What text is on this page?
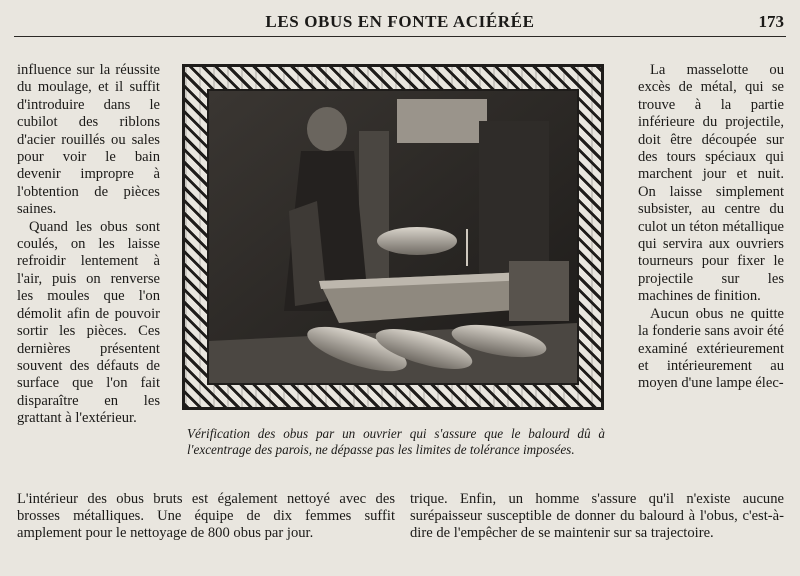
LES OBUS EN FONTE ACIÉRÉE	173

influence sur la réussite du moulage, et il suffit d'introduire dans le cubilot des riblons d'acier rouillés ou sales pour voir le bain devenir impropre à l'obtention de pièces saines.

Quand les obus sont coulés, on les laisse refroidir lentement à l'air, puis on renverse les moules que l'on démolit afin de pouvoir sortir les pièces. Ces dernières présentent souvent des défauts de surface que l'on fait disparaître en les grattant à l'extérieur.

Vérification des obus par un ouvrier qui s'assure que le balourd dû à l'excentrage des parois, ne dépasse pas les limites de tolérance imposées.

La masselotte ou excès de métal, qui se trouve à la partie inférieure du projectile, doit être découpée sur des tours spéciaux qui marchent jour et nuit. On laisse simplement subsister, au centre du culot un téton métallique qui servira aux ouvriers tourneurs pour fixer le projectile sur les machines de finition.

Aucun obus ne quitte la fonderie sans avoir été examiné extérieurement et intérieurement au moyen d'une lampe élec-

L'intérieur des obus bruts est également nettoyé avec des brosses métalliques. Une équipe de dix femmes suffit amplement pour le nettoyage de 800 obus par jour.

trique. Enfin, un homme s'assure qu'il n'existe aucune surépaisseur susceptible de donner du balourd à l'obus, c'est-à-dire de l'empêcher de se maintenir sur sa trajectoire.
